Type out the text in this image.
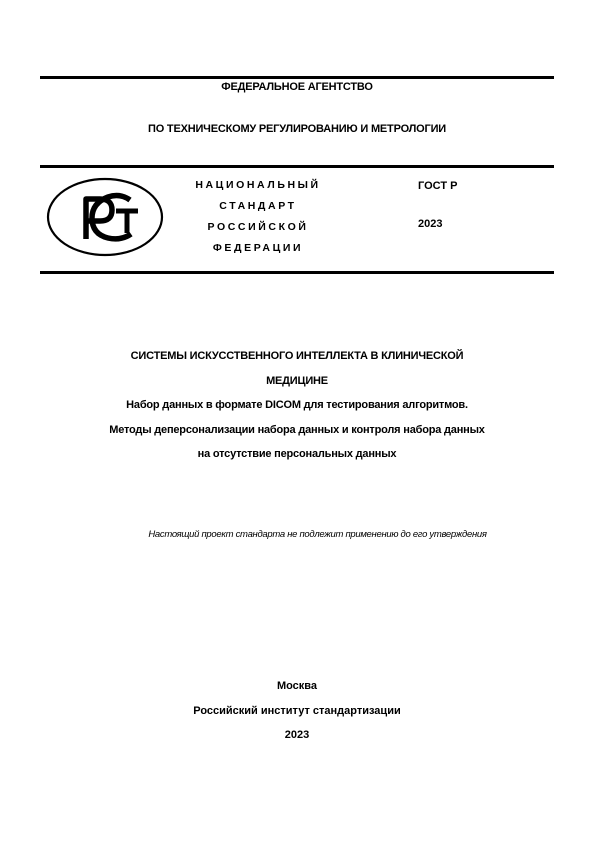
ФЕДЕРАЛЬНОЕ АГЕНТСТВО
ПО ТЕХНИЧЕСКОМУ РЕГУЛИРОВАНИЮ И МЕТРОЛОГИИ
НАЦИОНАЛЬНЫЙ
СТАНДАРТ
РОССИЙСКОЙ
ФЕДЕРАЦИИ
ГОСТ Р
2023
СИСТЕМЫ ИСКУССТВЕННОГО ИНТЕЛЛЕКТА В КЛИНИЧЕСКОЙ
МЕДИЦИНЕ
Набор данных в формате DICOM для тестирования алгоритмов.
Методы деперсонализации набора данных и контроля набора данных
на отсутствие персональных данных
Настоящий проект стандарта не подлежит применению до его утверждения
Москва
Российский институт стандартизации
2023
